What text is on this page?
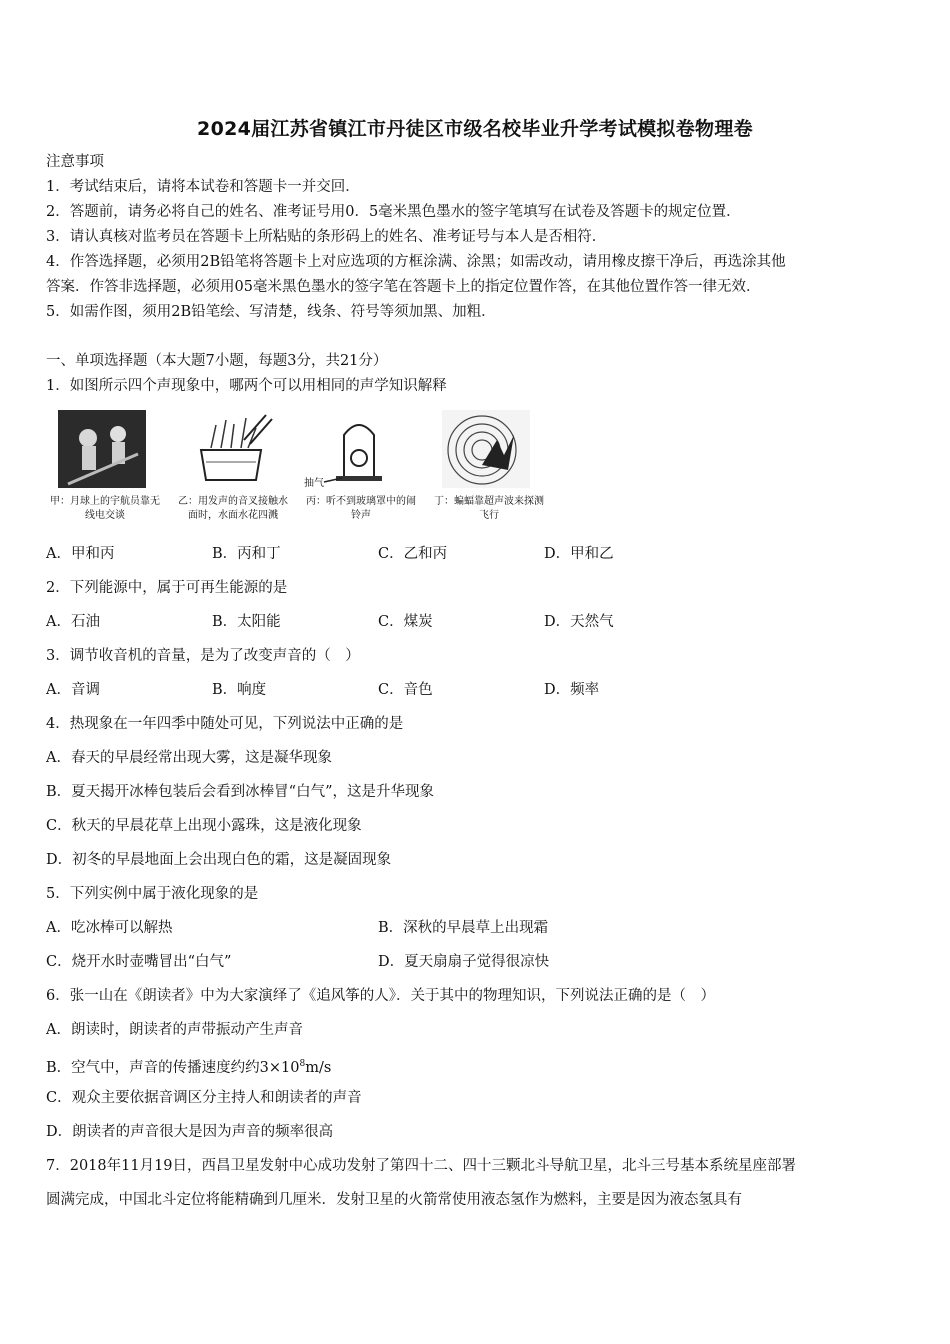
2024届江苏省镇江市丹徒区市级名校毕业升学考试模拟卷物理卷
注意事项
1．考试结束后，请将本试卷和答题卡一并交回．
2．答题前，请务必将自己的姓名、准考证号用0．5毫米黑色墨水的签字笔填写在试卷及答题卡的规定位置．
3．请认真核对监考员在答题卡上所粘贴的条形码上的姓名、准考证号与本人是否相符．
4．作答选择题，必须用2B铅笔将答题卡上对应选项的方框涂满、涂黑；如需改动，请用橡皮擦干净后，再选涂其他
答案．作答非选择题，必须用05毫米黑色墨水的签字笔在答题卡上的指定位置作答，在其他位置作答一律无效．
5．如需作图，须用2B铅笔绘、写清楚，线条、符号等须加黑、加粗．
一、单项选择题（本大题7小题，每题3分，共21分）
1．如图所示四个声现象中，哪两个可以用相同的声学知识解释
甲：月球上的宇航员靠无线电交谈
乙：用发声的音叉接触水面时，水面水花四溅
抽气
丙：听不到玻璃罩中的闹铃声
丁：蝙蝠靠超声波来探测飞行
A．甲和丙	B．丙和丁	C．乙和丙	D．甲和乙
2．下列能源中，属于可再生能源的是
A．石油	B．太阳能	C．煤炭	D．天然气
3．调节收音机的音量，是为了改变声音的（　）
A．音调	B．响度	C．音色	D．频率
4．热现象在一年四季中随处可见，下列说法中正确的是
A．春天的早晨经常出现大雾，这是凝华现象
B．夏天揭开冰棒包装后会看到冰棒冒“白气”，这是升华现象
C．秋天的早晨花草上出现小露珠，这是液化现象
D．初冬的早晨地面上会出现白色的霜，这是凝固现象
5．下列实例中属于液化现象的是
A．吃冰棒可以解热	B．深秋的早晨草上出现霜
C．烧开水时壶嘴冒出“白气”	D．夏天扇扇子觉得很凉快
6．张一山在《朗读者》中为大家演绎了《追风筝的人》．关于其中的物理知识，下列说法正确的是（　）
A．朗读时，朗读者的声带振动产生声音
B．空气中，声音的传播速度约约$3\times 10^8m/s$
C．观众主要依据音调区分主持人和朗读者的声音
D．朗读者的声音很大是因为声音的频率很高
7．2018年11月19日，西昌卫星发射中心成功发射了第四十二、四十三颗北斗导航卫星，北斗三号基本系统星座部署
圆满完成，中国北斗定位将能精确到几厘米．发射卫星的火箭常使用液态氢作为燃料，主要是因为液态氢具有
